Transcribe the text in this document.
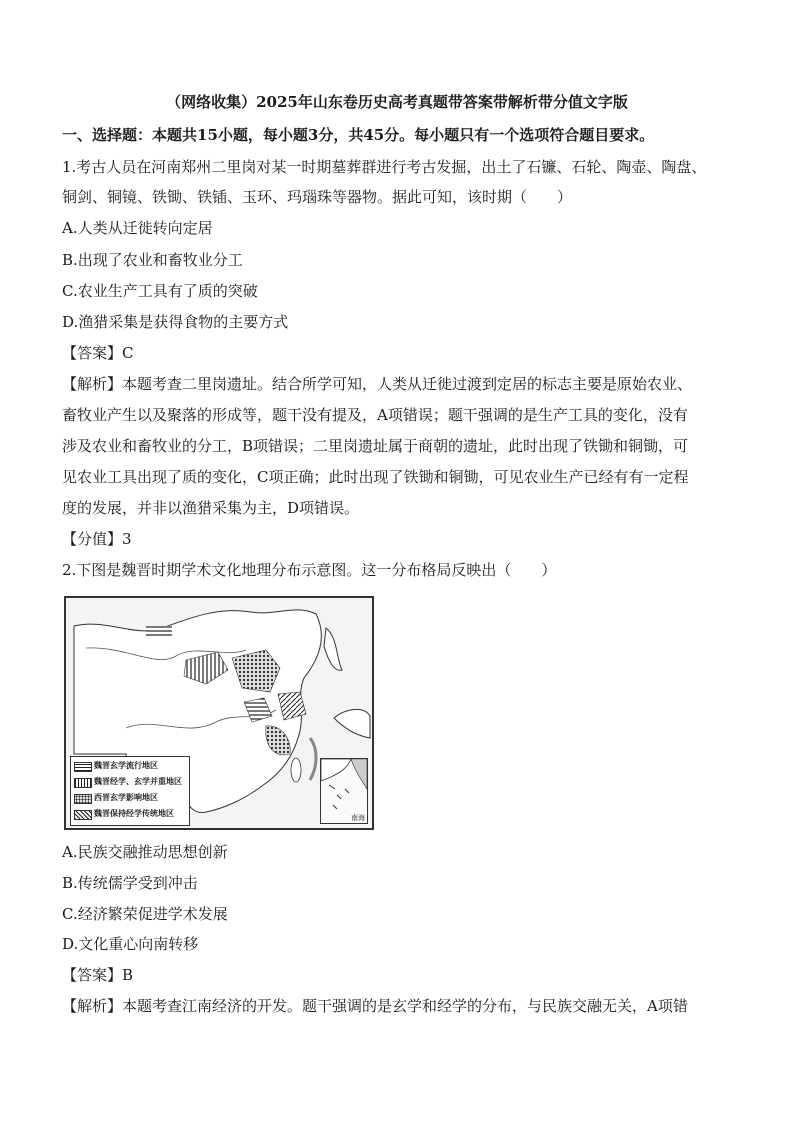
（网络收集）2025年山东卷历史高考真题带答案带解析带分值文字版
一、选择题：本题共15小题，每小题3分，共45分。每小题只有一个选项符合题目要求。
1.考古人员在河南郑州二里岗对某一时期墓葬群进行考古发掘，出土了石镰、石轮、陶壶、陶盘、
铜剑、铜镜、铁锄、铁锸、玉环、玛瑙珠等器物。据此可知，该时期（　　）
A.人类从迁徙转向定居
B.出现了农业和畜牧业分工
C.农业生产工具有了质的突破
D.渔猎采集是获得食物的主要方式
【答案】C
【解析】本题考查二里岗遗址。结合所学可知，人类从迁徙过渡到定居的标志主要是原始农业、
畜牧业产生以及聚落的形成等，题干没有提及，A项错误；题干强调的是生产工具的变化，没有
涉及农业和畜牧业的分工，B项错误；二里岗遗址属于商朝的遗址，此时出现了铁锄和铜锄，可
见农业工具出现了质的变化，C项正确；此时出现了铁锄和铜锄，可见农业生产已经有有一定程
度的发展，并非以渔猎采集为主，D项错误。
【分值】3
2.下图是魏晋时期学术文化地理分布示意图。这一分布格局反映出（　　）
魏晋玄学流行地区
魏晋经学、玄学并重地区
西晋玄学影响地区
魏晋保持经学传统地区	南海
A.民族交融推动思想创新
B.传统儒学受到冲击
C.经济繁荣促进学术发展
D.文化重心向南转移
【答案】B
【解析】本题考查江南经济的开发。题干强调的是玄学和经学的分布，与民族交融无关，A项错
